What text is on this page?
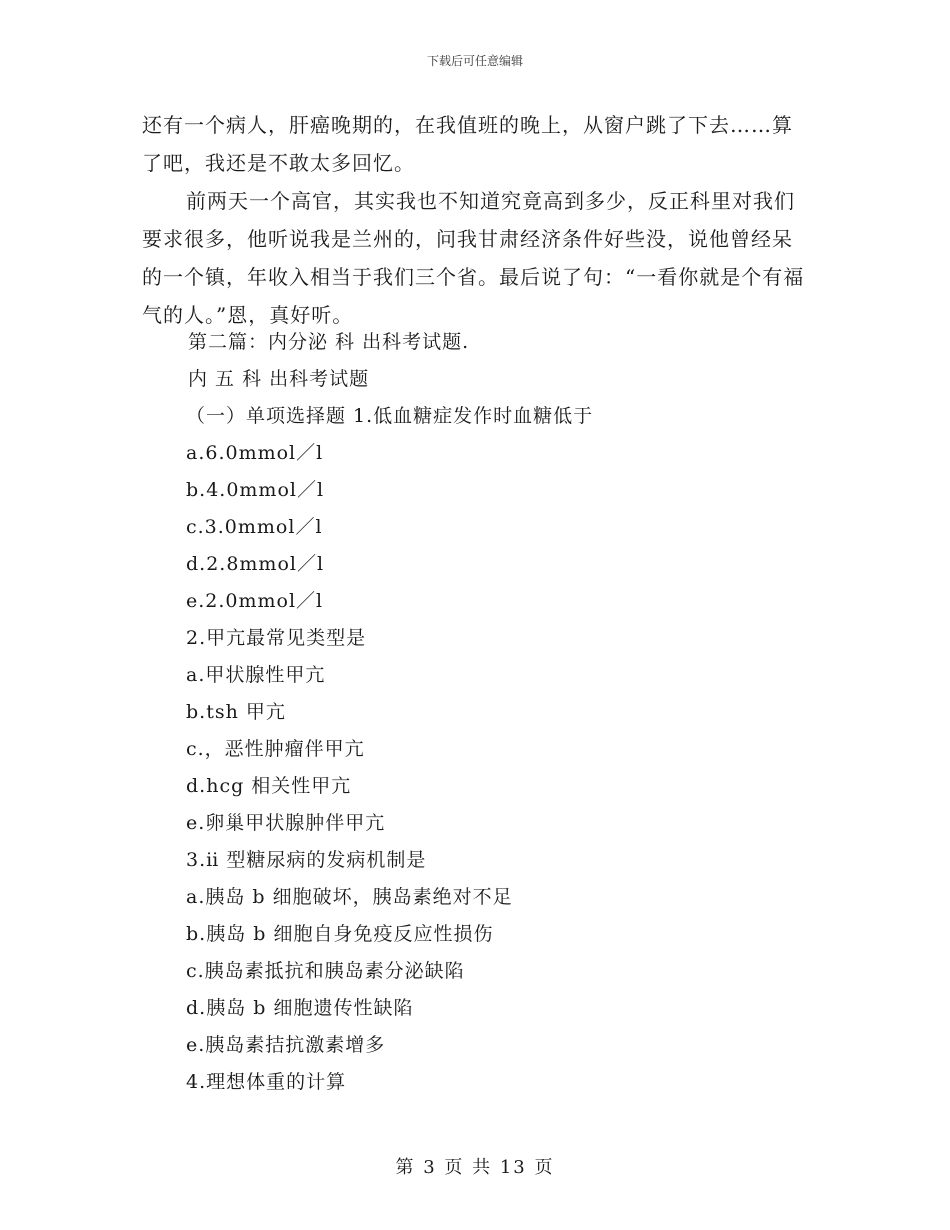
下载后可任意编辑

还有一个病人，肝癌晚期的，在我值班的晚上，从窗户跳了下去……算了吧，我还是不敢太多回忆。

前两天一个高官，其实我也不知道究竟高到多少，反正科里对我们要求很多，他听说我是兰州的，问我甘肃经济条件好些没，说他曾经呆的一个镇，年收入相当于我们三个省。最后说了句：“一看你就是个有福气的人。”恩，真好听。

第二篇：内分泌 科 出科考试题.
内 五 科 出科考试题
（一）单项选择题 1.低血糖症发作时血糖低于
a.6.0mmol／l
b.4.0mmol／l
c.3.0mmol／l
d.2.8mmol／l
e.2.0mmol／l
2.甲亢最常见类型是
a.甲状腺性甲亢
b.tsh 甲亢
c.，恶性肿瘤伴甲亢
d.hcg 相关性甲亢
e.卵巢甲状腺肿伴甲亢
3.ⅱ 型糖尿病的发病机制是
a.胰岛 b 细胞破坏，胰岛素绝对不足
b.胰岛 b 细胞自身免疫反应性损伤
c.胰岛素抵抗和胰岛素分泌缺陷
d.胰岛 b 细胞遗传性缺陷
e.胰岛素拮抗激素增多
4.理想体重的计算
第 3 页 共 13 页
